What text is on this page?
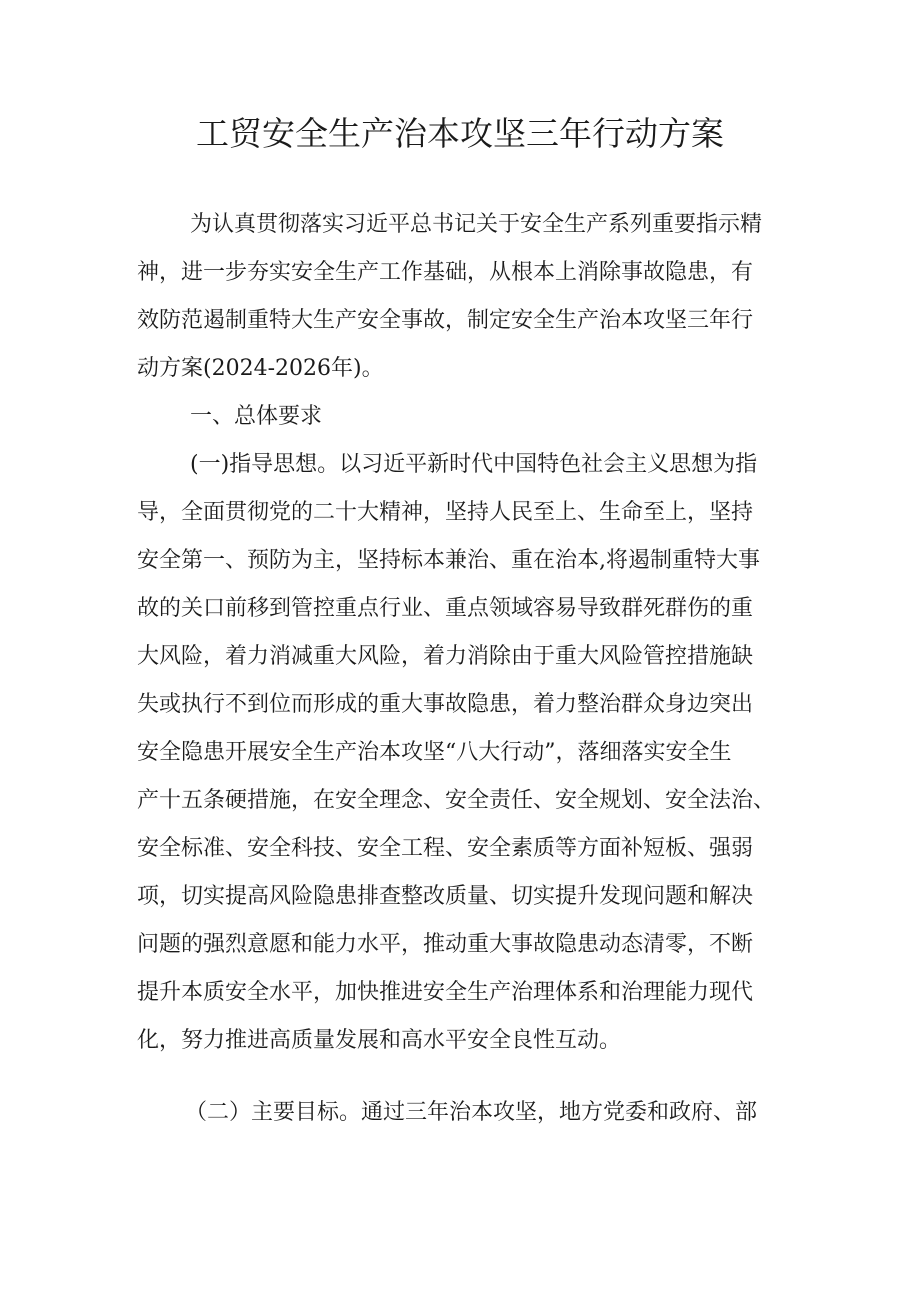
工贸安全生产治本攻坚三年行动方案
为认真贯彻落实习近平总书记关于安全生产系列重要指示精
神，进一步夯实安全生产工作基础，从根本上消除事故隐患，有
效防范遏制重特大生产安全事故，制定安全生产治本攻坚三年行
动方案(2024-2026年)。
一、总体要求
(一)指导思想。以习近平新时代中国特色社会主义思想为指
导，全面贯彻党的二十大精神，坚持人民至上、生命至上，坚持
安全第一、预防为主，坚持标本兼治、重在治本,将遏制重特大事
故的关口前移到管控重点行业、重点领域容易导致群死群伤的重
大风险，着力消减重大风险，着力消除由于重大风险管控措施缺
失或执行不到位而形成的重大事故隐患，着力整治群众身边突出
安全隐患开展安全生产治本攻坚“八大行动”，落细落实安全生
产十五条硬措施，在安全理念、安全责任、安全规划、安全法治、
安全标准、安全科技、安全工程、安全素质等方面补短板、强弱
项，切实提高风险隐患排查整改质量、切实提升发现问题和解决
问题的强烈意愿和能力水平，推动重大事故隐患动态清零，不断
提升本质安全水平，加快推进安全生产治理体系和治理能力现代
化，努力推进高质量发展和高水平安全良性互动。
（二）主要目标。通过三年治本攻坚，地方党委和政府、部
